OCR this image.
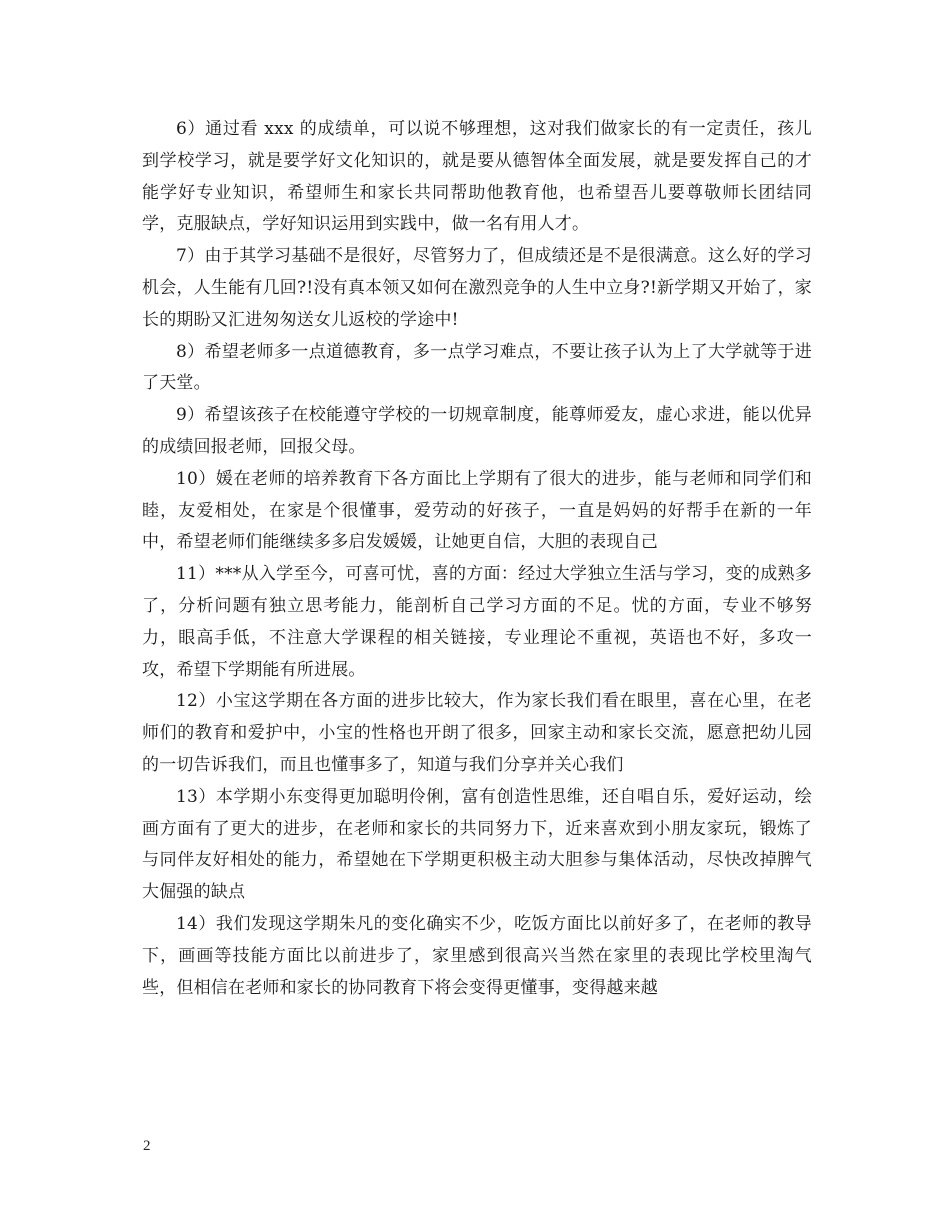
6）通过看 xxx 的成绩单，可以说不够理想，这对我们做家长的有一定责任，孩儿到学校学习，就是要学好文化知识的，就是要从德智体全面发展，就是要发挥自己的才能学好专业知识，希望师生和家长共同帮助他教育他，也希望吾儿要尊敬师长团结同学，克服缺点，学好知识运用到实践中，做一名有用人才。

7）由于其学习基础不是很好，尽管努力了，但成绩还是不是很满意。这么好的学习机会，人生能有几回?!没有真本领又如何在激烈竞争的人生中立身?!新学期又开始了，家长的期盼又汇进匆匆送女儿返校的学途中!

8）希望老师多一点道德教育，多一点学习难点，不要让孩子认为上了大学就等于进了天堂。

9）希望该孩子在校能遵守学校的一切规章制度，能尊师爱友，虚心求进，能以优异的成绩回报老师，回报父母。

10）媛在老师的培养教育下各方面比上学期有了很大的进步，能与老师和同学们和睦，友爱相处，在家是个很懂事，爱劳动的好孩子，一直是妈妈的好帮手在新的一年中，希望老师们能继续多多启发媛媛，让她更自信，大胆的表现自己

11）***从入学至今，可喜可忧，喜的方面：经过大学独立生活与学习，变的成熟多了，分析问题有独立思考能力，能剖析自己学习方面的不足。忧的方面，专业不够努力，眼高手低，不注意大学课程的相关链接，专业理论不重视，英语也不好，多攻一攻，希望下学期能有所进展。

12）小宝这学期在各方面的进步比较大，作为家长我们看在眼里，喜在心里，在老师们的教育和爱护中，小宝的性格也开朗了很多，回家主动和家长交流，愿意把幼儿园的一切告诉我们，而且也懂事多了，知道与我们分享并关心我们

13）本学期小东变得更加聪明伶俐，富有创造性思维，还自唱自乐，爱好运动，绘画方面有了更大的进步，在老师和家长的共同努力下，近来喜欢到小朋友家玩，锻炼了与同伴友好相处的能力，希望她在下学期更积极主动大胆参与集体活动，尽快改掉脾气大倔强的缺点

14）我们发现这学期朱凡的变化确实不少，吃饭方面比以前好多了，在老师的教导下，画画等技能方面比以前进步了，家里感到很高兴当然在家里的表现比学校里淘气些，但相信在老师和家长的协同教育下将会变得更懂事，变得越来越

2
